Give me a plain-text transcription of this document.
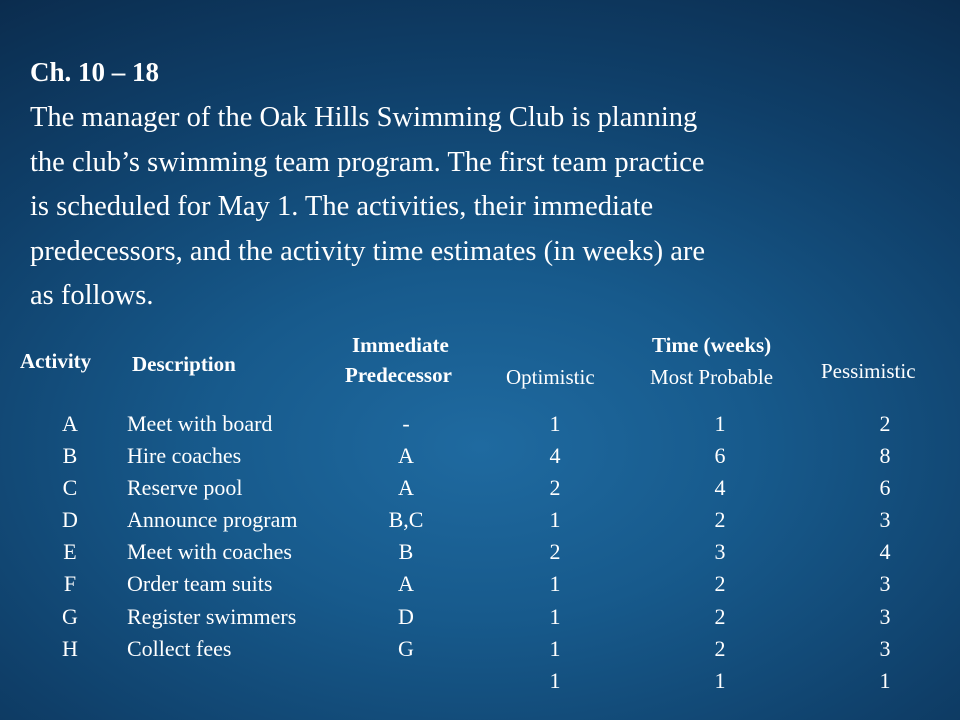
Ch. 10 – 18

The manager of the Oak Hills Swimming Club is planning
the club’s swimming team program. The first team practice
is scheduled for May 1. The activities, their immediate
predecessors, and the activity time estimates (in weeks) are
as follows.

Activity Description
Immediate
Predecessor
Time (weeks)
Optimistic	Most Probable Pessimistic
A
B
C
D
E
F
G
H
Meet with board
Hire coaches
Reserve pool
Announce program
Meet with coaches
Order team suits
Register swimmers
Collect fees
-
A
A
B,C
B
A
D
G
1
4
2
1
2
1
1
1
1
1
6
4
2
3
2
2
2
1
2
8
6
3
4
3
3
3
1
